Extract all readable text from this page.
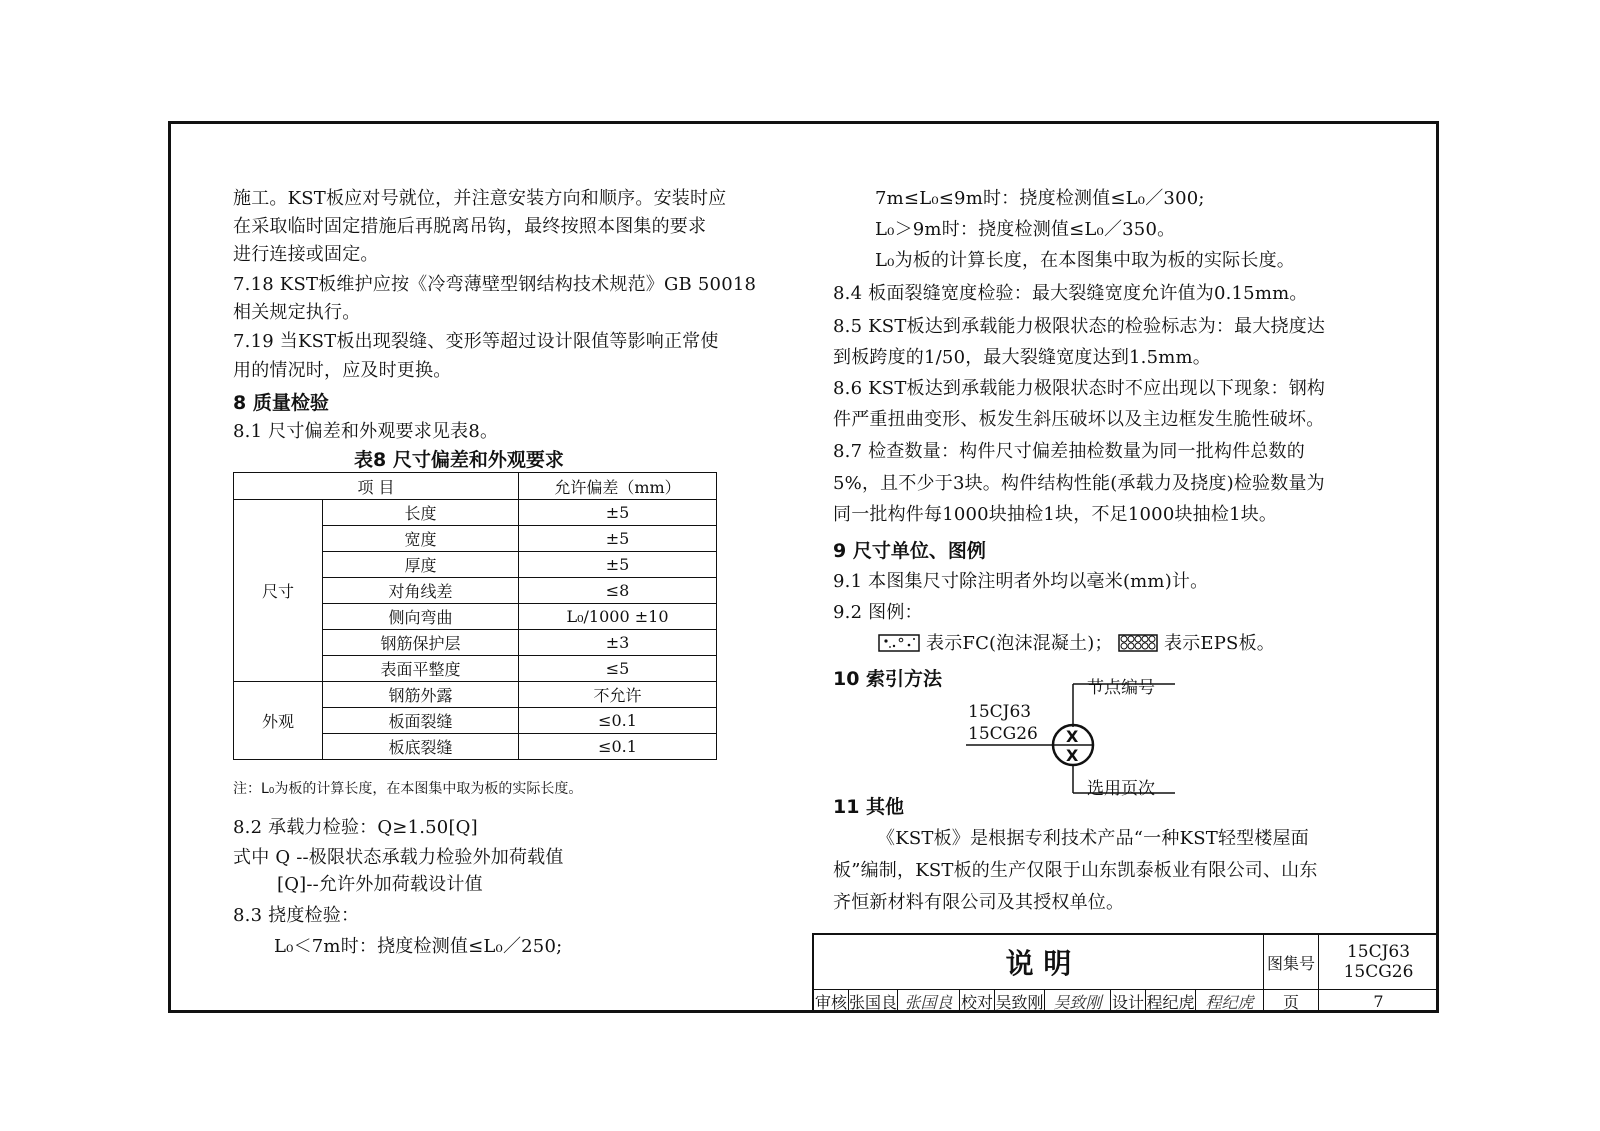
施工。KST板应对号就位，并注意安装方向和顺序。安装时应
在采取临时固定措施后再脱离吊钩，最终按照本图集的要求
进行连接或固定。
7.18 KST板维护应按《冷弯薄壁型钢结构技术规范》GB 50018
相关规定执行。
7.19 当KST板出现裂缝、变形等超过设计限值等影响正常使
用的情况时，应及时更换。
8 质量检验
8.1 尺寸偏差和外观要求见表8。
表8 尺寸偏差和外观要求
项 目		允许偏差（mm）
尺寸	长度	±5
	宽度	±5
	厚度	±5
	对角线差	≤8
	侧向弯曲	L₀/1000 ±10
	钢筋保护层	±3
	表面平整度	≤5
外观	钢筋外露	不允许
	板面裂缝	≤0.1
	板底裂缝	≤0.1
注：L₀为板的计算长度，在本图集中取为板的实际长度。
8.2 承载力检验：Q≥1.50[Q]
式中 Q --极限状态承载力检验外加荷载值
[Q]--允许外加荷载设计值
8.3 挠度检验：
L₀＜7m时：挠度检测值≤L₀／250;
7m≤L₀≤9m时：挠度检测值≤L₀／300;
L₀＞9m时：挠度检测值≤L₀／350。
L₀为板的计算长度，在本图集中取为板的实际长度。
8.4 板面裂缝宽度检验：最大裂缝宽度允许值为0.15mm。
8.5 KST板达到承载能力极限状态的检验标志为：最大挠度达
到板跨度的1/50，最大裂缝宽度达到1.5mm。
8.6 KST板达到承载能力极限状态时不应出现以下现象：钢构
件严重扭曲变形、板发生斜压破坏以及主边框发生脆性破坏。
8.7 检查数量：构件尺寸偏差抽检数量为同一批构件总数的
5%，且不少于3块。构件结构性能(承载力及挠度)检验数量为
同一批构件每1000块抽检1块，不足1000块抽检1块。
9 尺寸单位、图例
9.1 本图集尺寸除注明者外均以毫米(mm)计。
9.2 图例：
表示FC(泡沫混凝土)；	表示EPS板。
10 索引方法	节点编号
15CJ63
15CG26 X
X
选用页次
11 其他
《KST板》是根据专利技术产品“一种KST轻型楼屋面
板”编制，KST板的生产仅限于山东凯泰板业有限公司、山东
齐恒新材料有限公司及其授权单位。
说 明	图集号
15CJ63
15CG26
审核 张国良 张国良 校对 吴致刚 吴致刚 设计 程纪虎 程纪虎	页	7
